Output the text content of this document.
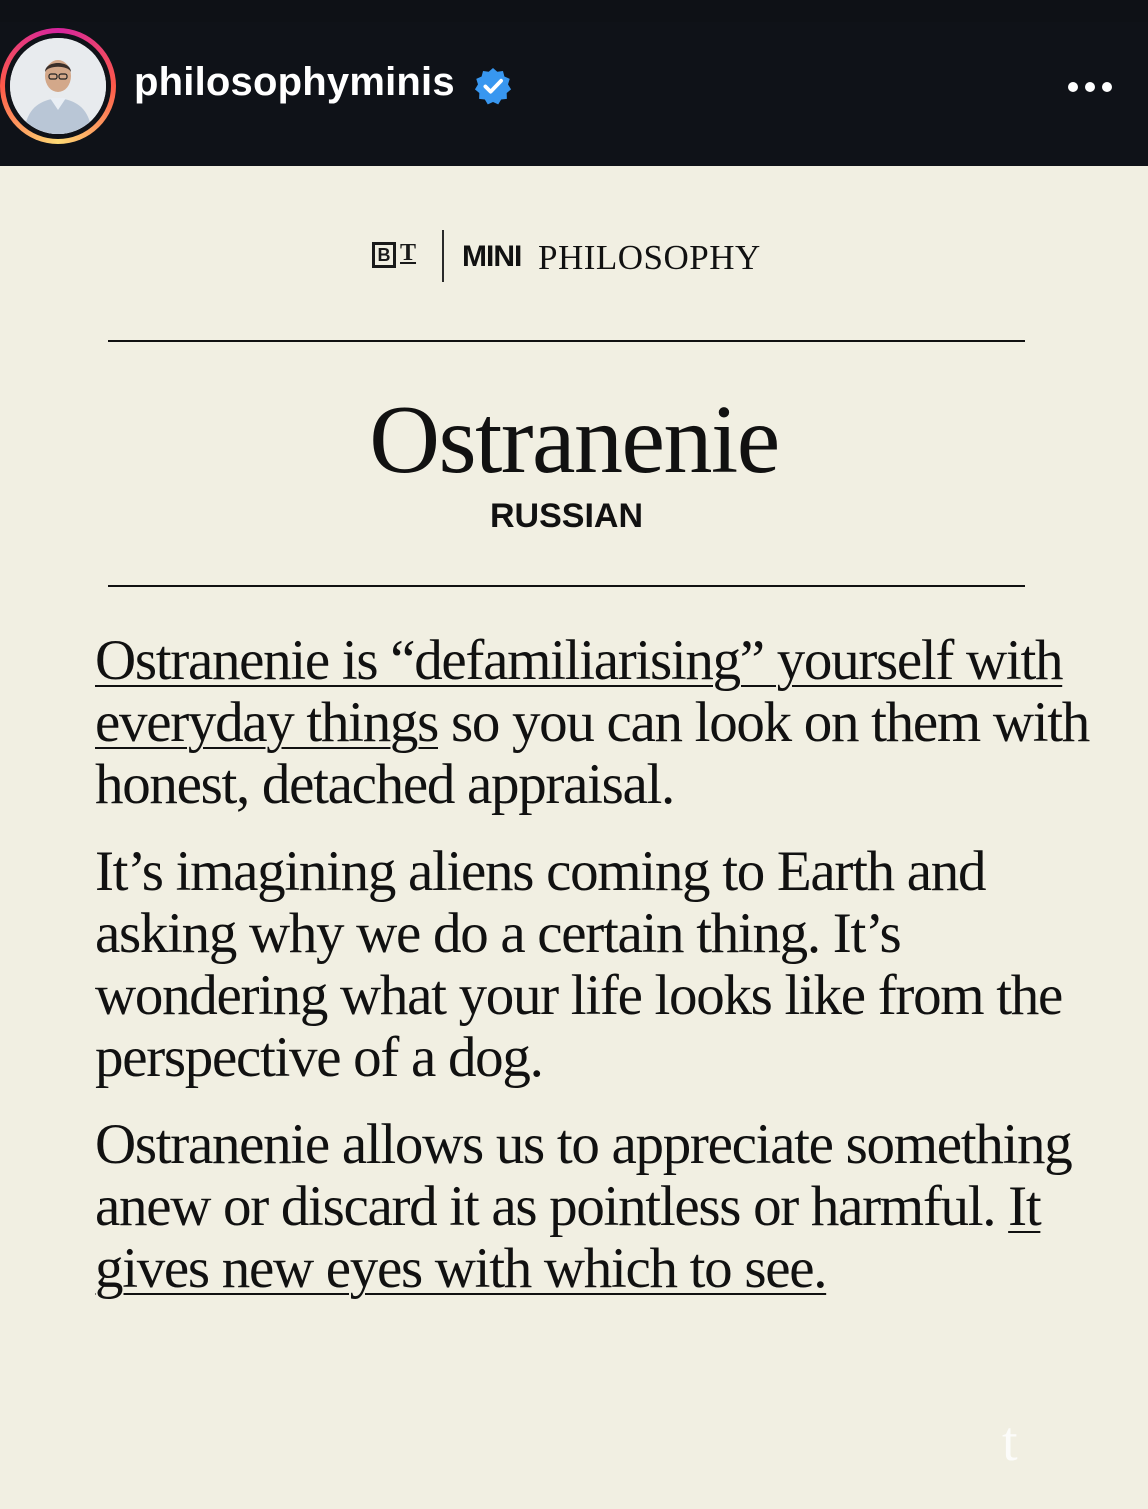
philosophyminis
B T MINI PHILOSOPHY
Ostranenie
RUSSIAN

Ostranenie is “defamiliarising” yourself with everyday things so you can look on them with honest, detached appraisal.

It’s imagining aliens coming to Earth and asking why we do a certain thing. It’s wondering what your life looks like from the perspective of a dog.

Ostranenie allows us to appreciate something anew or discard it as pointless or harmful. It gives new eyes with which to see.

t
